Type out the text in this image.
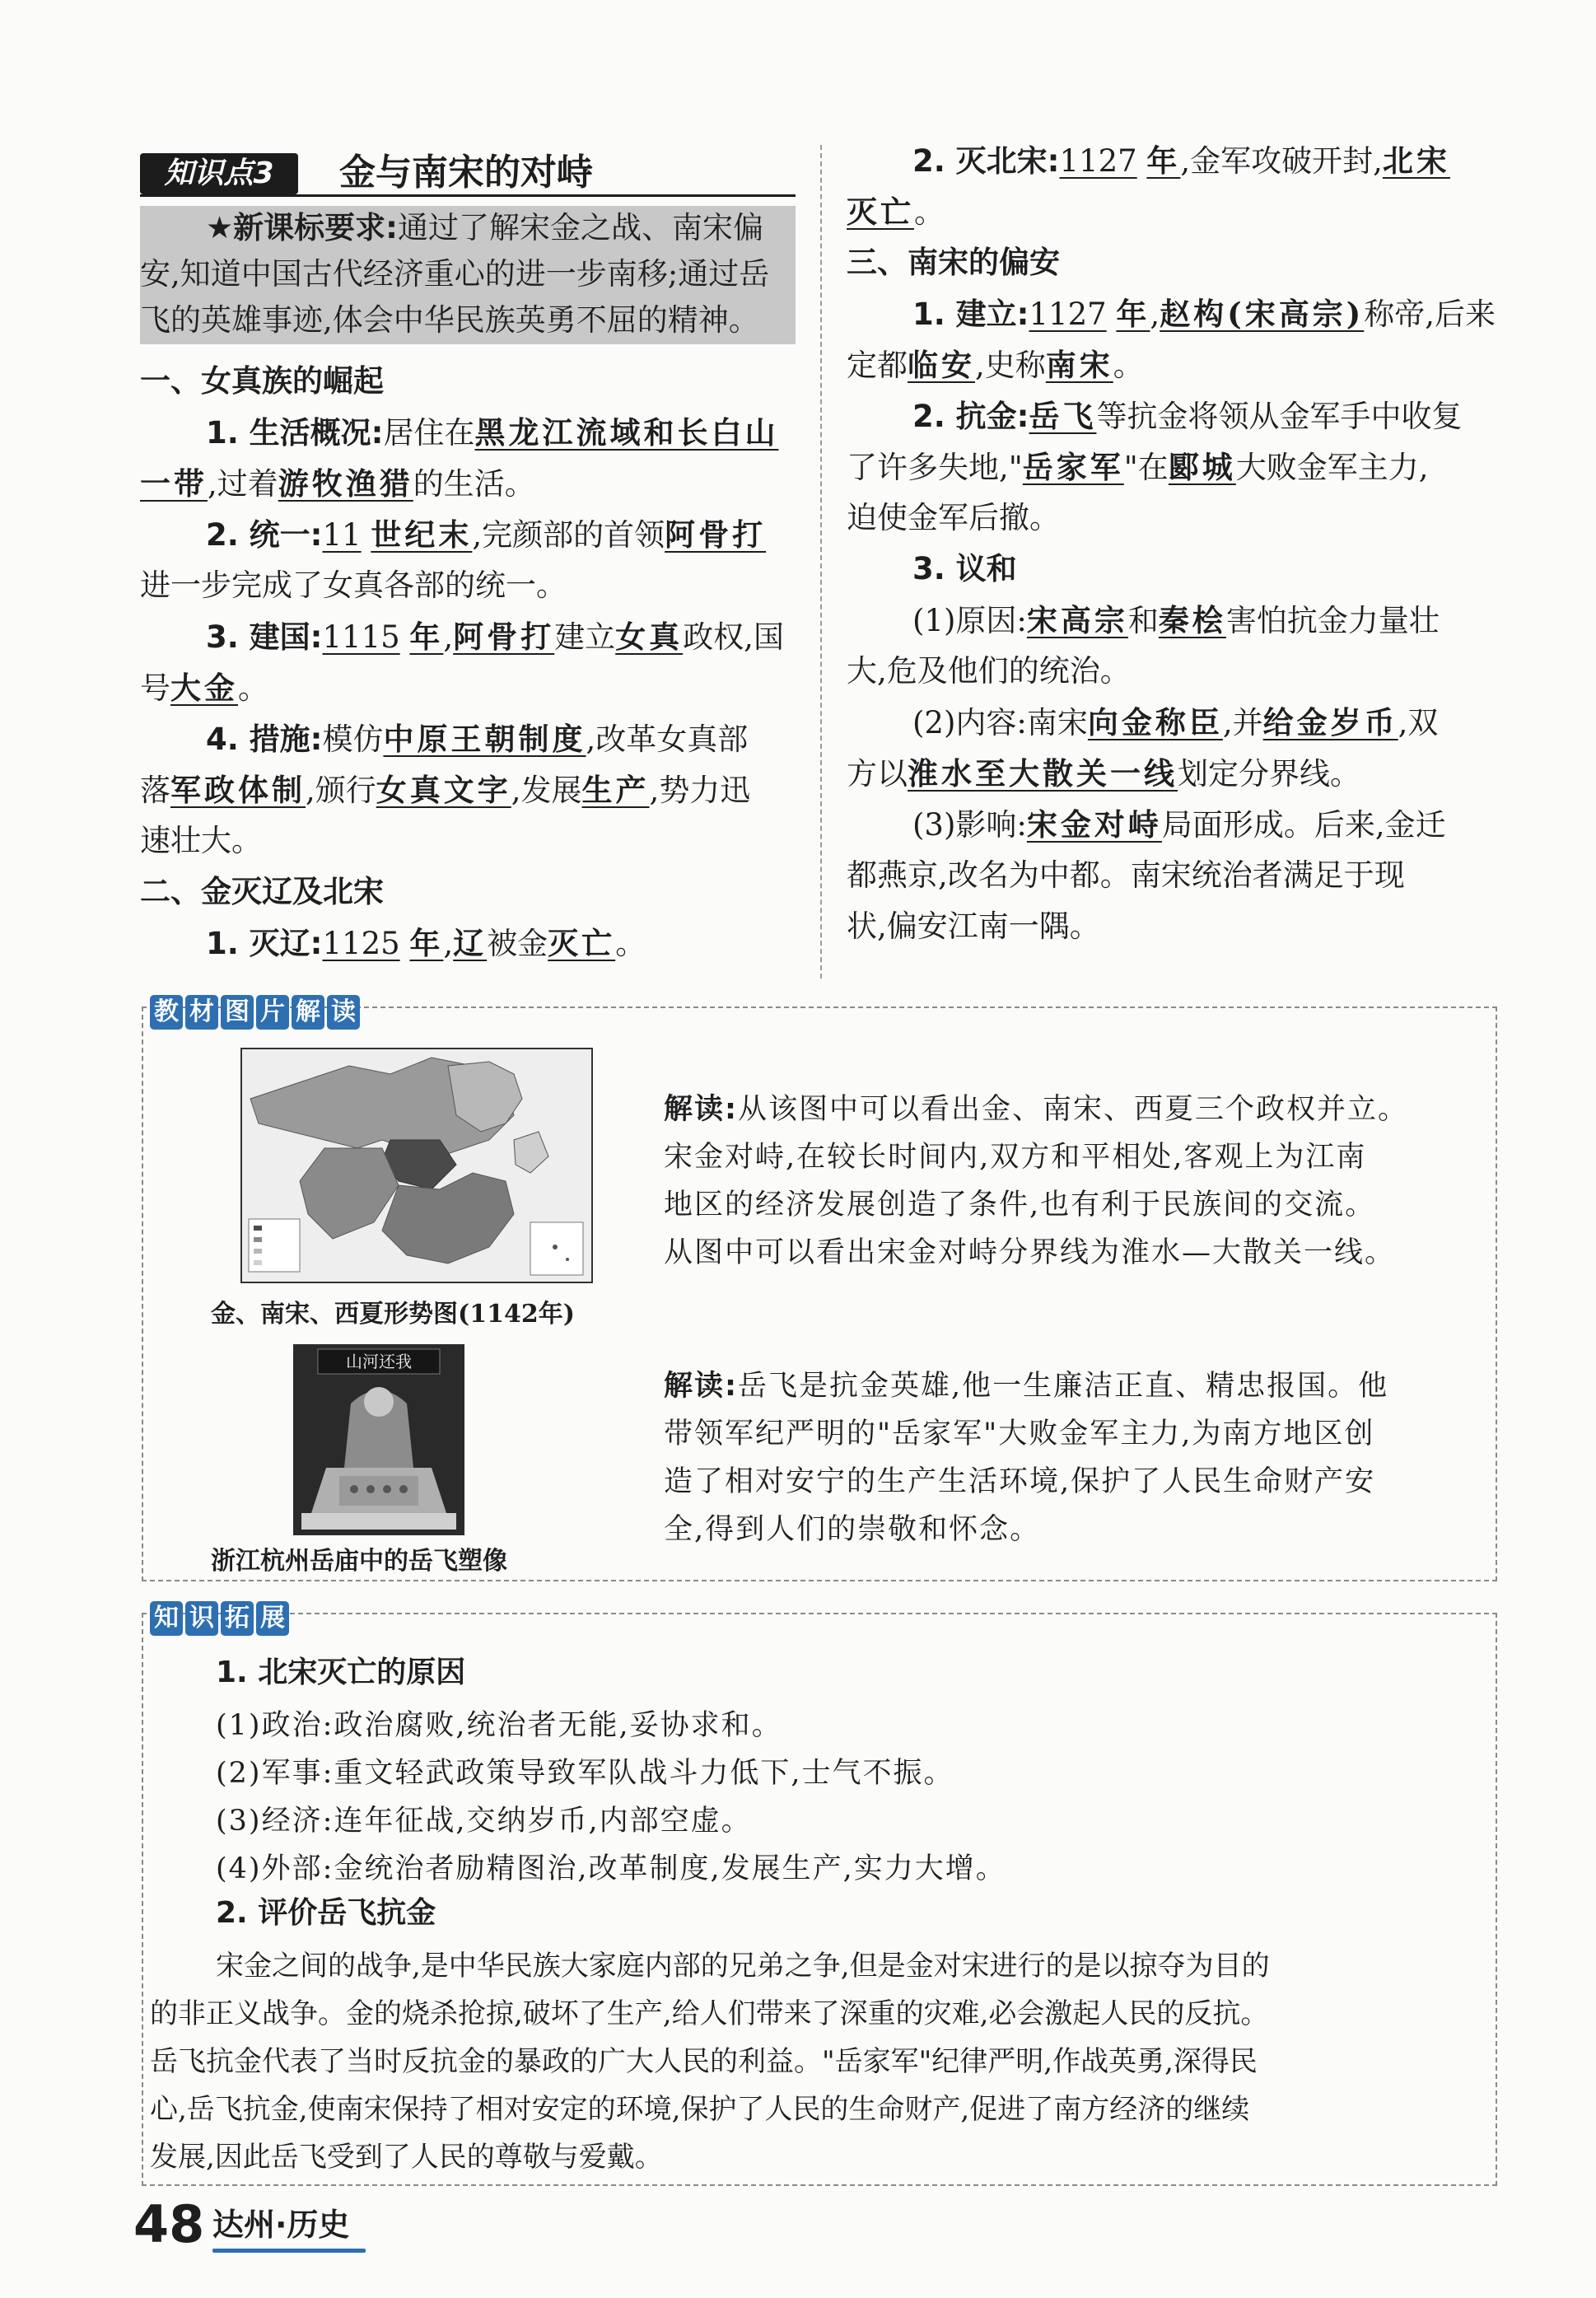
知识点3	金与南宋的对峙
★新课标要求:通过了解宋金之战、南宋偏
安,知道中国古代经济重心的进一步南移;通过岳
飞的英雄事迹,体会中华民族英勇不屈的精神。
一、女真族的崛起
1. 生活概况:居住在黑龙江流域和长白山
一带,过着游牧渔猎的生活。
2. 统一:11 世纪末,完颜部的首领阿骨打
进一步完成了女真各部的统一。
3. 建国:1115 年,阿骨打建立女真政权,国
号大金。
4. 措施:模仿中原王朝制度,改革女真部
落军政体制,颁行女真文字,发展生产,势力迅
速壮大。
二、金灭辽及北宋
1. 灭辽:1125 年,辽被金灭亡。
2. 灭北宋:1127 年,金军攻破开封,北宋
灭亡。
三、南宋的偏安
1. 建立:1127 年,赵构(宋高宗)称帝,后来
定都临安,史称南宋。
2. 抗金:岳飞等抗金将领从金军手中收复
了许多失地,"岳家军"在郾城大败金军主力,
迫使金军后撤。
3. 议和
(1)原因:宋高宗和秦桧害怕抗金力量壮
大,危及他们的统治。
(2)内容:南宋向金称臣,并给金岁币,双
方以淮水至大散关一线划定分界线。
(3)影响:宋金对峙局面形成。后来,金迁
都燕京,改名为中都。南宋统治者满足于现
状,偏安江南一隅。
教 材 图 片 解 读
金、南宋、西夏形势图(1142年)
山河还我
浙江杭州岳庙中的岳飞塑像
解读:从该图中可以看出金、南宋、西夏三个政权并立。
宋金对峙,在较长时间内,双方和平相处,客观上为江南
地区的经济发展创造了条件,也有利于民族间的交流。
从图中可以看出宋金对峙分界线为淮水—大散关一线。
解读:岳飞是抗金英雄,他一生廉洁正直、精忠报国。他
带领军纪严明的"岳家军"大败金军主力,为南方地区创
造了相对安宁的生产生活环境,保护了人民生命财产安
全,得到人们的崇敬和怀念。
知 识 拓 展
1. 北宋灭亡的原因
(1)政治:政治腐败,统治者无能,妥协求和。
(2)军事:重文轻武政策导致军队战斗力低下,士气不振。
(3)经济:连年征战,交纳岁币,内部空虚。
(4)外部:金统治者励精图治,改革制度,发展生产,实力大增。
2. 评价岳飞抗金
宋金之间的战争,是中华民族大家庭内部的兄弟之争,但是金对宋进行的是以掠夺为目的
的非正义战争。金的烧杀抢掠,破坏了生产,给人们带来了深重的灾难,必会激起人民的反抗。
岳飞抗金代表了当时反抗金的暴政的广大人民的利益。"岳家军"纪律严明,作战英勇,深得民
心,岳飞抗金,使南宋保持了相对安定的环境,保护了人民的生命财产,促进了南方经济的继续
发展,因此岳飞受到了人民的尊敬与爱戴。
48 达州·历史
